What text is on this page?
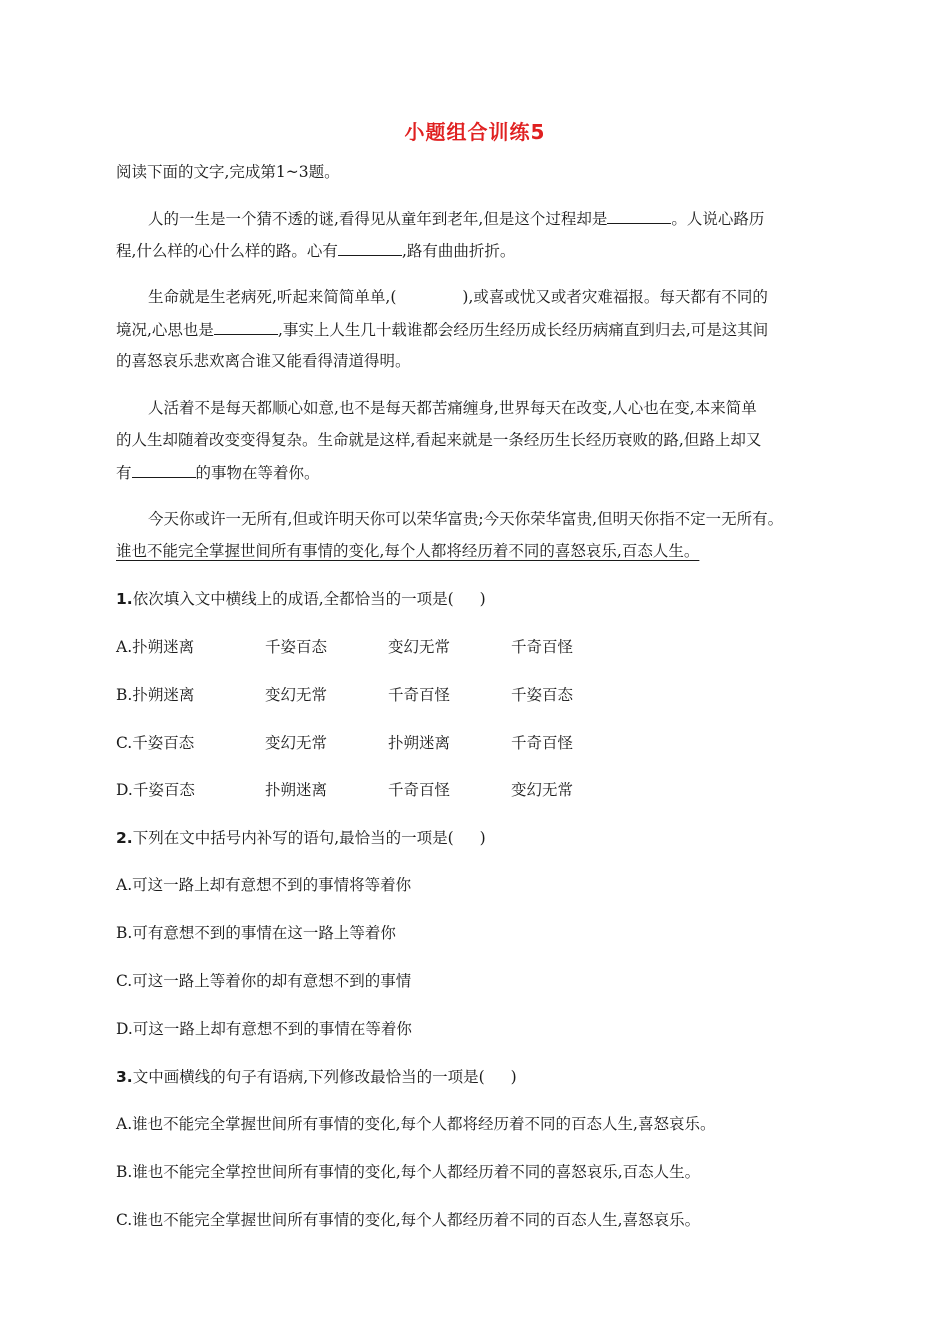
小题组合训练5
阅读下面的文字,完成第1~3题。
人的一生是一个猜不透的谜,看得见从童年到老年,但是这个过程却是	。人说心路历
程,什么样的心什么样的路。心有	,路有曲曲折折。
生命就是生老病死,听起来简简单单,(	),或喜或忧又或者灾难福报。每天都有不同的
境况,心思也是	,事实上人生几十载谁都会经历生经历成长经历病痛直到归去,可是这其间
的喜怒哀乐悲欢离合谁又能看得清道得明。
人活着不是每天都顺心如意,也不是每天都苦痛缠身,世界每天在改变,人心也在变,本来简单
的人生却随着改变变得复杂。生命就是这样,看起来就是一条经历生长经历衰败的路,但路上却又
有	的事物在等着你。
今天你或许一无所有,但或许明天你可以荣华富贵;今天你荣华富贵,但明天你指不定一无所有。
谁也不能完全掌握世间所有事情的变化,每个人都将经历着不同的喜怒哀乐,百态人生。
1.依次填入文中横线上的成语,全都恰当的一项是( )
A.扑朔迷离	千姿百态	变幻无常	千奇百怪
B.扑朔迷离	变幻无常	千奇百怪	千姿百态
C.千姿百态	变幻无常	扑朔迷离	千奇百怪
D.千姿百态	扑朔迷离	千奇百怪	变幻无常
2.下列在文中括号内补写的语句,最恰当的一项是( )
A.可这一路上却有意想不到的事情将等着你
B.可有意想不到的事情在这一路上等着你
C.可这一路上等着你的却有意想不到的事情
D.可这一路上却有意想不到的事情在等着你
3.文中画横线的句子有语病,下列修改最恰当的一项是( )
A.谁也不能完全掌握世间所有事情的变化,每个人都将经历着不同的百态人生,喜怒哀乐。
B.谁也不能完全掌控世间所有事情的变化,每个人都经历着不同的喜怒哀乐,百态人生。
C.谁也不能完全掌握世间所有事情的变化,每个人都经历着不同的百态人生,喜怒哀乐。
